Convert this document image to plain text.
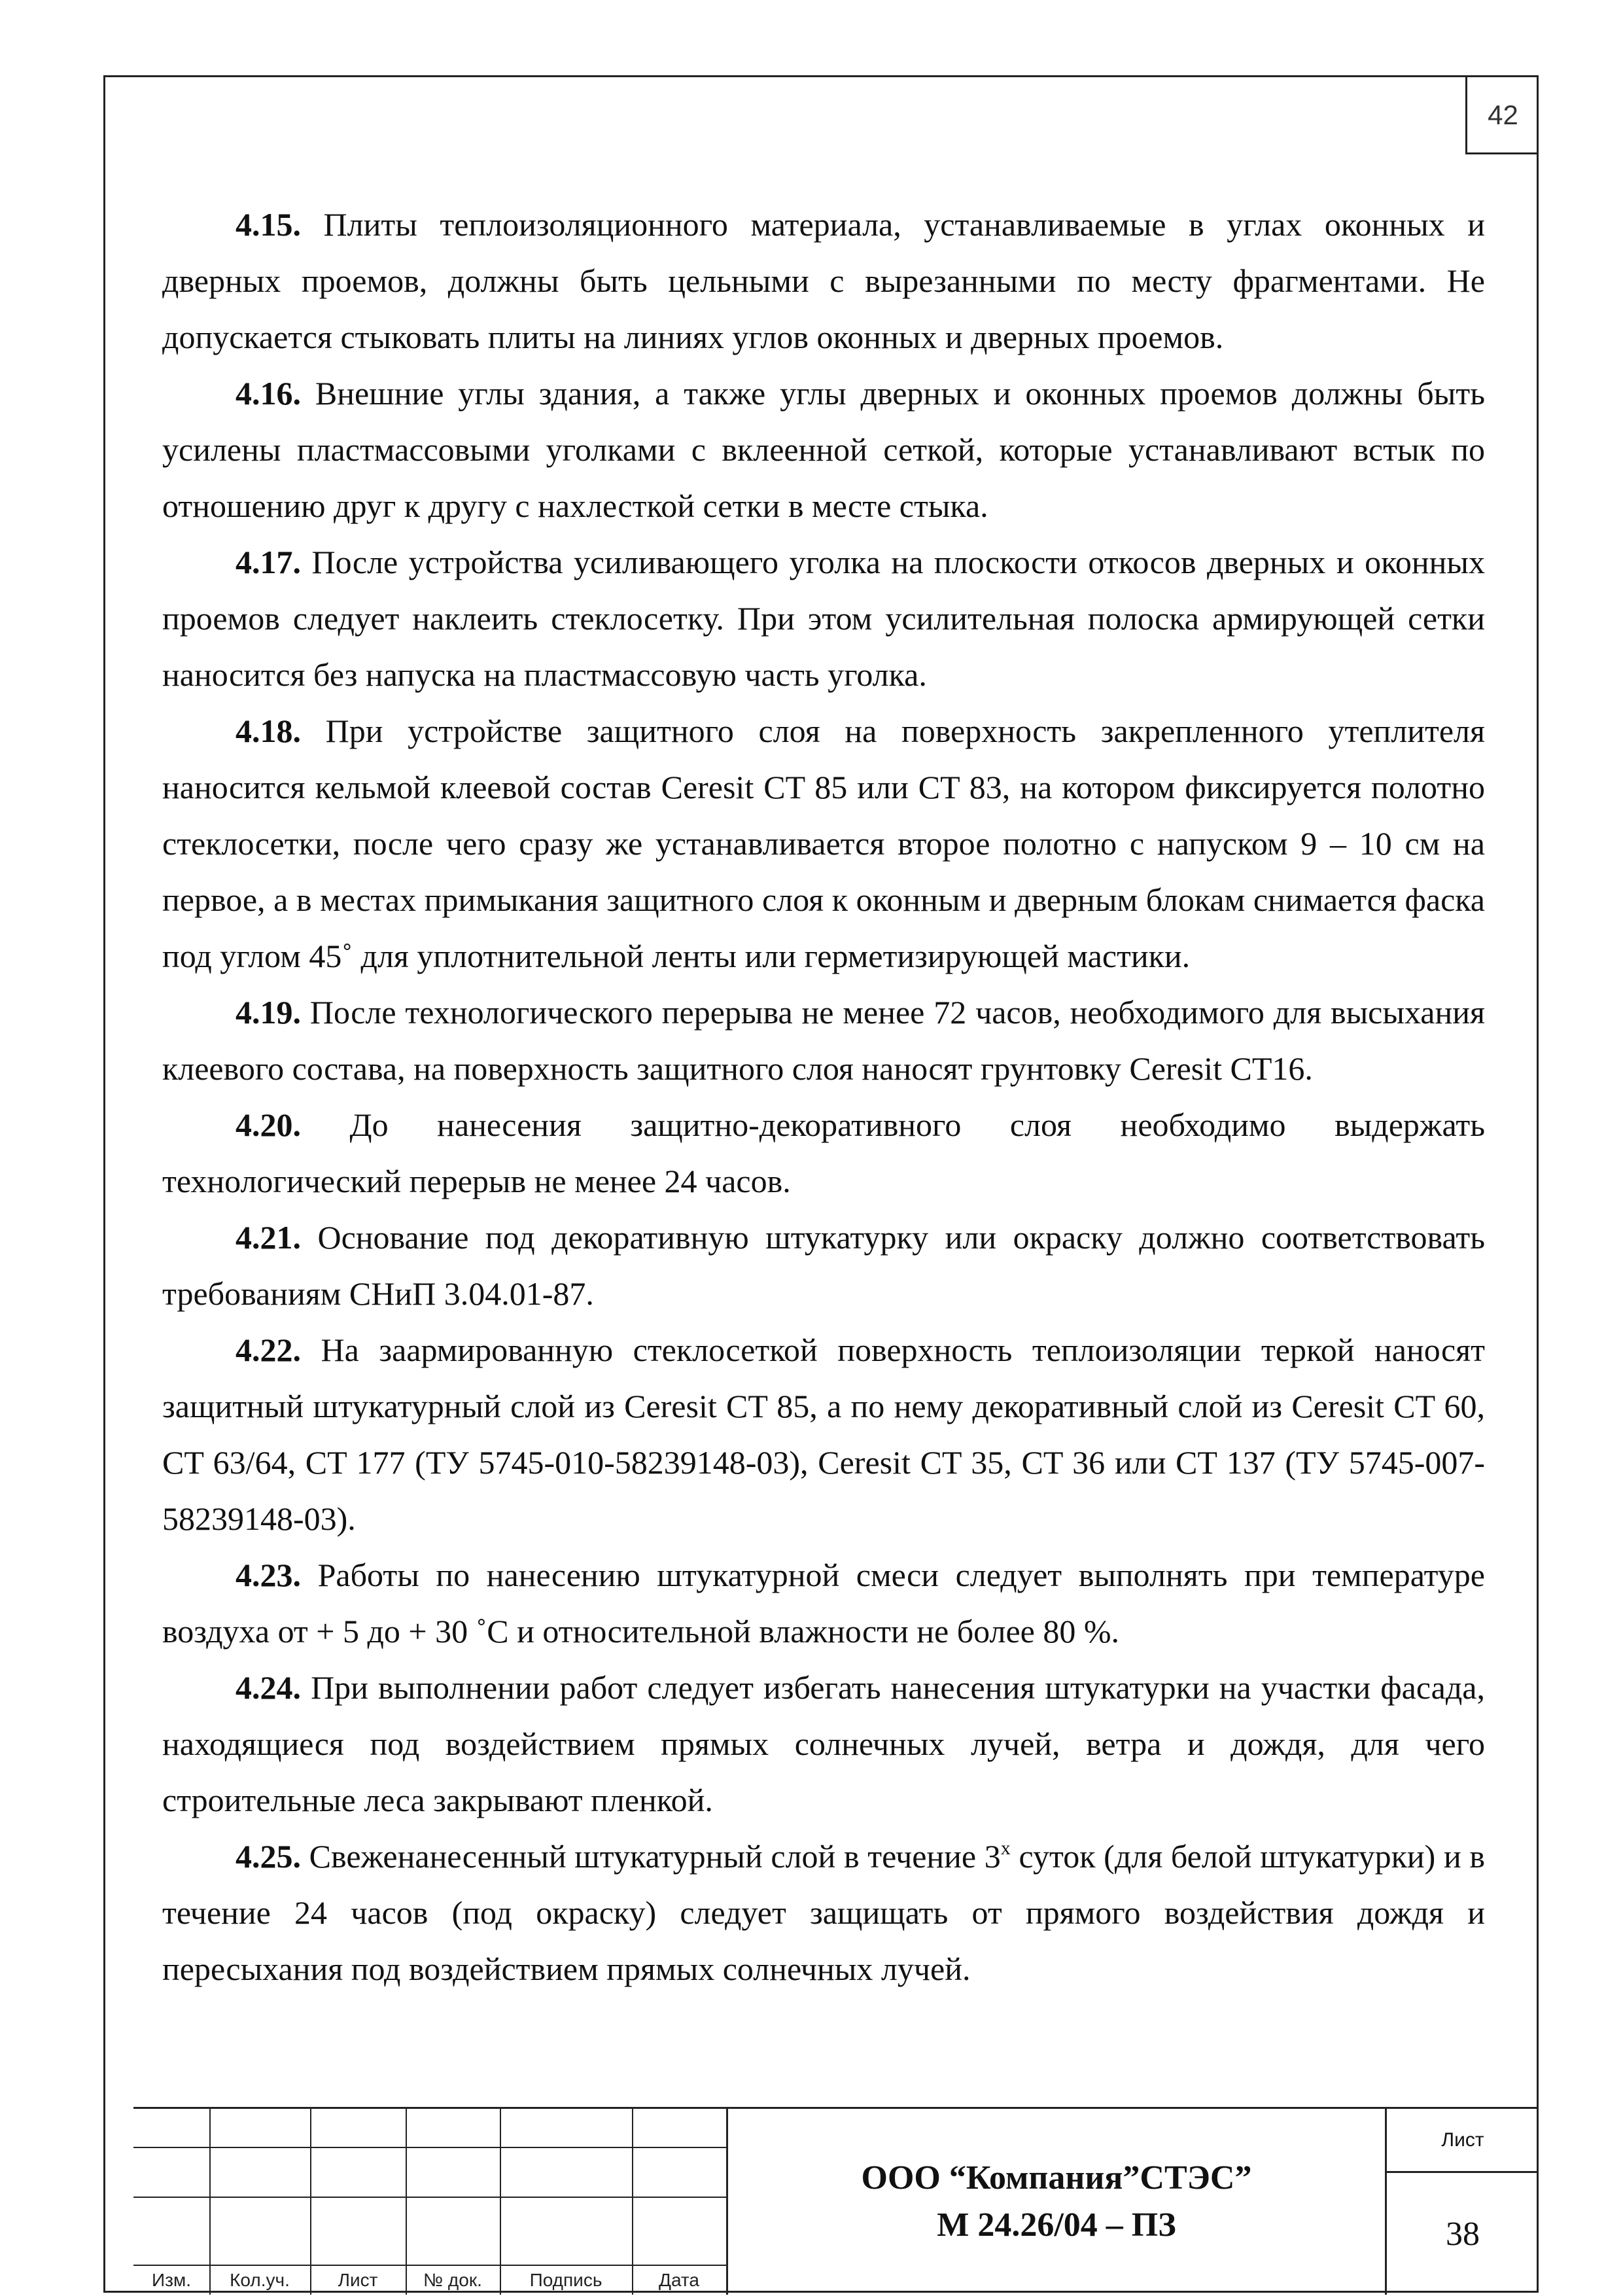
42

4.15. Плиты теплоизоляционного материала, устанавливаемые в углах оконных и дверных проемов, должны быть цельными с вырезанными по месту фрагментами. Не допускается стыковать плиты на линиях углов оконных и дверных проемов.

4.16. Внешние углы здания, а также углы дверных и оконных проемов должны быть усилены пластмассовыми уголками с вклеенной сеткой, которые устанавливают встык по отношению друг к другу с нахлесткой сетки в месте стыка.

4.17. После устройства усиливающего уголка на плоскости откосов дверных и оконных проемов следует наклеить стеклосетку. При этом усилительная полоска армирующей сетки наносится без напуска на пластмассовую часть уголка.

4.18. При устройстве защитного слоя на поверхность закрепленного утеплителя наносится кельмой клеевой состав Cerеsit CT 85 или CT 83, на котором фиксируется полотно стеклосетки, после чего сразу же устанавливается второе полотно с напуском 9 – 10 см на первое, а в местах примыкания защитного слоя к оконным и дверным блокам снимается фаска под углом 45˚ для уплотнительной ленты или герметизирующей мастики.

4.19. После технологического перерыва не менее 72 часов, необходимого для высыхания клеевого состава, на поверхность защитного слоя наносят грунтовку Ceresit CT16.

4.20. До нанесения защитно-декоративного слоя необходимо выдержать технологический перерыв не менее 24 часов.

4.21. Основание под декоративную штукатурку или окраску должно соответствовать требованиям СНиП 3.04.01-87.

4.22. На заармированную стеклосеткой поверхность теплоизоляции теркой наносят защитный штукатурный слой из Ceresit CT 85, а по нему декоративный слой из Ceresit CT 60, CT 63/64, CT 177 (ТУ 5745-010-58239148-03), Ceresit CT 35, CT 36 или CT 137 (ТУ 5745-007-58239148-03).

4.23. Работы по нанесению штукатурной смеси следует выполнять при температуре воздуха от + 5 до + 30 ˚С и относительной влажности не более 80 %.

4.24. При выполнении работ следует избегать нанесения штукатурки на участки фасада, находящиеся под воздействием прямых солнечных лучей, ветра и дождя, для чего строительные леса закрывают пленкой.

4.25. Свеженанесенный штукатурный слой в течение $3^х$ суток (для белой штукатурки) и в течение 24 часов (под окраску) следует защищать от прямого воздействия дождя и пересыхания под воздействием прямых солнечных лучей.

Изм.	Кол.уч.	Лист	№ док.	Подпись	Дата
ООО “Компания”СТЭС”
М 24.26/04 – ПЗ
Лист
38
